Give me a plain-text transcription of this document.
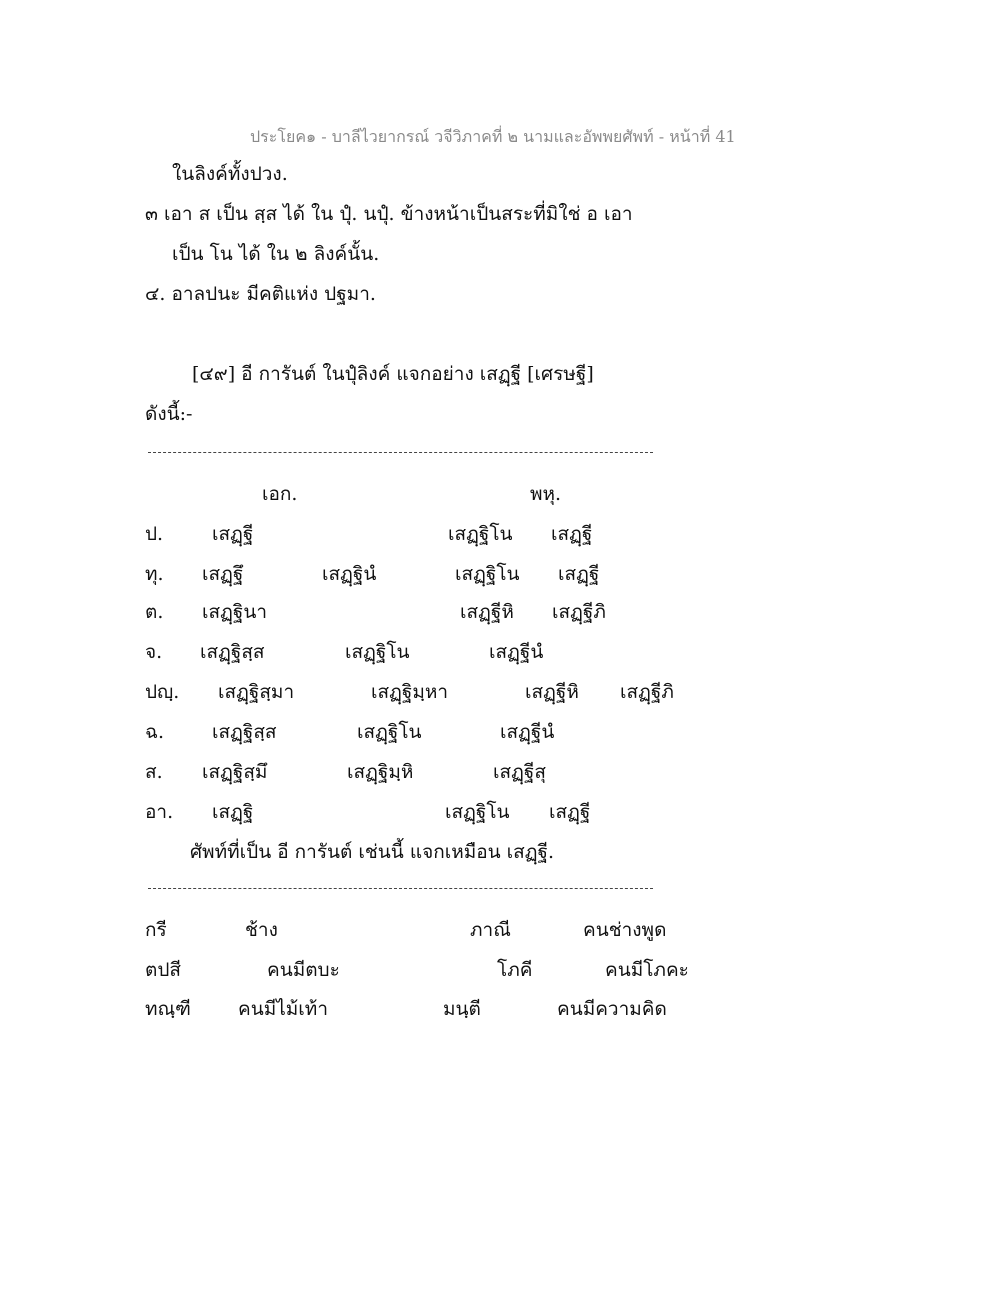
ประโยค๑ - บาลีไวยากรณ์ วจีวิภาคที่ ๒ นามและอัพพยศัพท์ - หน้าที่ 41
ในลิงค์ทั้งปวง.
๓ เอา ส เป็น สฺส ได้ ใน ปุํ. นปุํ. ข้างหน้าเป็นสระที่มิใช่ อ เอา
เป็น โน ได้ ใน ๒ ลิงค์นั้น.
๔. อาลปนะ มีคติแห่ง ปฐมา.
[๔๙] อี การันต์ ในปุํลิงค์ แจกอย่าง เสฏฺฐี [เศรษฐี]
ดังนี้:-
เอก.	พหุ.
ป.	เสฏฺฐี	เสฏฺฐิโน เสฏฺฐี
ทุ. เสฏฺฐึ	เสฏฺฐินํ	เสฏฺฐิโน เสฏฺฐี
ต. เสฏฺฐินา	เสฏฺฐีหิ เสฏฺฐีภิ
จ. เสฏฺฐิสฺส	เสฏฺฐิโน	เสฏฺฐีนํ
ปญฺ. เสฏฺฐิสฺมา	เสฏฺฐิมฺหา	เสฏฺฐีหิ เสฏฺฐีภิ
ฉ.	เสฏฺฐิสฺส	เสฏฺฐิโน	เสฏฺฐีนํ
ส. เสฏฺฐิสฺมึ	เสฏฺฐิมฺหิ	เสฏฺฐีสุ
อา. เสฏฺฐิ	เสฏฺฐิโน เสฏฺฐี
ศัพท์ที่เป็น อี การันต์ เช่นนี้ แจกเหมือน เสฏฺฐี.
กรี	ช้าง	ภาณี	คนช่างพูด
ตปสี	คนมีตบะ	โภคี	คนมีโภคะ
ทณฺฑี คนมีไม้เท้า	มนฺตี	คนมีความคิด
